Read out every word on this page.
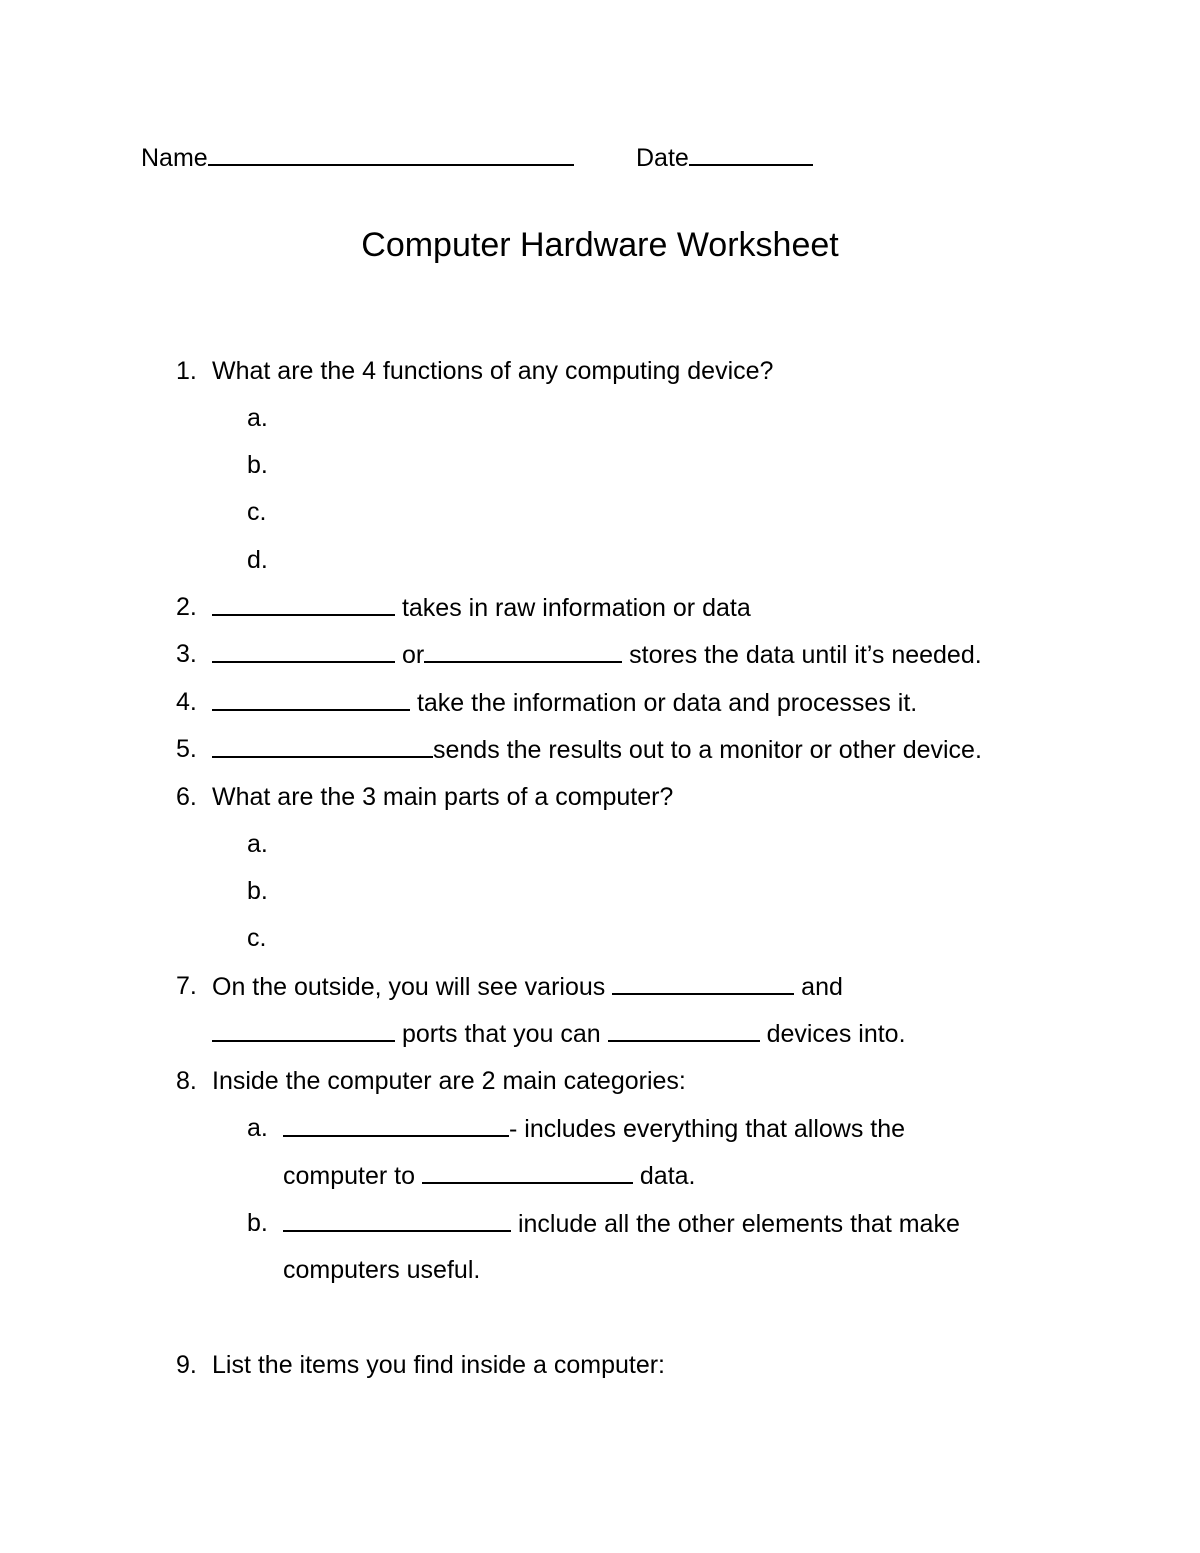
Name	Date
Computer Hardware Worksheet
1. What are the 4 functions of any computing device?
a.
b.
c.
d.
2.	takes in raw information or data
3.	or	stores the data until it’s needed.
4.	take the information or data and processes it.
5.	sends the results out to a monitor or other device.
6. What are the 3 main parts of a computer?
a.
b.
c.
7. On the outside, you will see various	and
ports that you can	devices into.
8. Inside the computer are 2 main categories:
a.	- includes everything that allows the
computer to	data.
b.	include all the other elements that make
computers useful.
9. List the items you find inside a computer:
